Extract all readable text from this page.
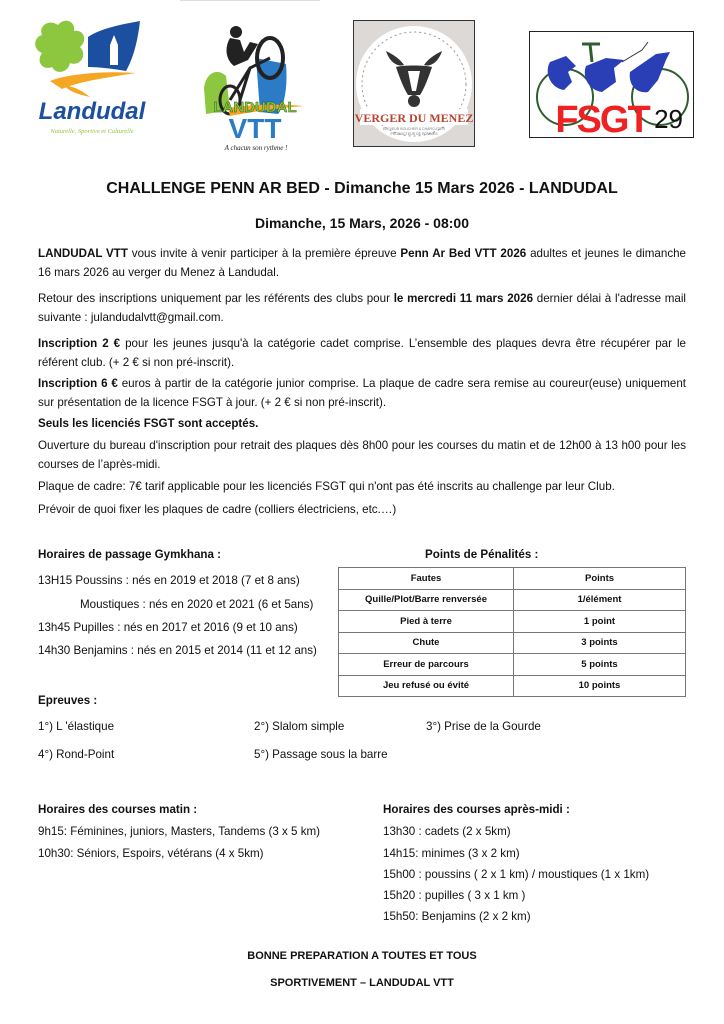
Landudal
Naturelle, Sportive et Culturelle
LANDUDAL
VTT
A chacun son rythme !
VERGER DU MENEZ
ÉLEVEUR BOUCHER & CHARCUTIER
PRODUCTEUR DE POMMES	FSGT 29
CHALLENGE PENN AR BED - Dimanche 15 Mars 2026 - LANDUDAL
Dimanche, 15 Mars, 2026 - 08:00
LANDUDAL VTT vous invite à venir participer à la première épreuve Penn Ar Bed VTT 2026 adultes et jeunes le dimanche 16 mars 2026 au verger du Menez à Landudal.
Retour des inscriptions uniquement par les référents des clubs pour le mercredi 11 mars 2026 dernier délai à l'adresse mail suivante : julandudalvtt@gmail.com.
Inscription 2 € pour les jeunes jusqu'à la catégorie cadet comprise. L’ensemble des plaques devra être récupérer par le référent club. (+ 2 € si non pré-inscrit).
Inscription 6 € euros à partir de la catégorie junior comprise. La plaque de cadre sera remise au coureur(euse) uniquement sur présentation de la licence FSGT à jour. (+ 2 € si non pré-inscrit).
Seuls les licenciés FSGT sont acceptés.
Ouverture du bureau d'inscription pour retrait des plaques dès 8h00 pour les courses du matin et de 12h00 à 13 h00 pour les courses de l’après-midi.
Plaque de cadre: 7€ tarif applicable pour les licenciés FSGT qui n'ont pas été inscrits au challenge par leur Club.
Prévoir de quoi fixer les plaques de cadre (colliers électriciens, etc.…)
Horaires de passage Gymkhana :
13H15 Poussins : nés en 2019 et 2018 (7 et 8 ans)
Moustiques : nés en 2020 et 2021 (6 et 5ans)
13h45 Pupilles : nés en 2017 et 2016 (9 et 10 ans)
14h30 Benjamins : nés en 2015 et 2014 (11 et 12 ans)
Points de Pénalités :
Fautes	Points
Quille/Plot/Barre renversée	1/élément
Pied à terre	1 point
Chute	3 points
Erreur de parcours	5 points
Jeu refusé ou évité	10 points
Epreuves :
1°) L 'élastique	2°) Slalom simple	3°) Prise de la Gourde
4°) Rond-Point	5°) Passage sous la barre
Horaires des courses matin :
9h15: Féminines, juniors, Masters, Tandems (3 x 5 km)
10h30: Séniors, Espoirs, vétérans (4 x 5km)
Horaires des courses après-midi :
13h30 : cadets (2 x 5km)
14h15: minimes (3 x 2 km)
15h00 : poussins ( 2 x 1 km) / moustiques (1 x 1km)
15h20 : pupilles ( 3 x 1 km )
15h50: Benjamins (2 x 2 km)
BONNE PREPARATION A TOUTES ET TOUS
SPORTIVEMENT – LANDUDAL VTT
